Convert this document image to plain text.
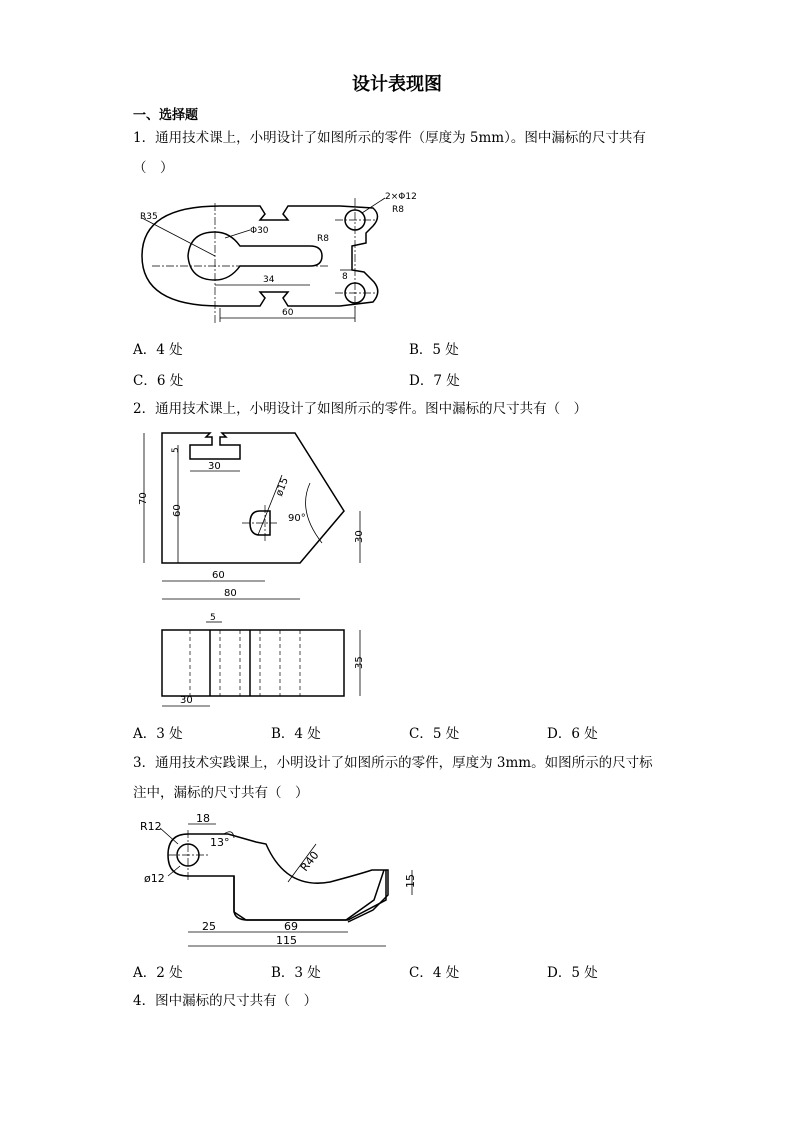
设计表现图
一、选择题
1．通用技术课上，小明设计了如图所示的零件（厚度为 5mm）。图中漏标的尺寸共有
（　）
R35
Φ30
2×Φ12
R8
R8
34
60
8
A．4 处	B．5 处
C．6 处	D．7 处
2．通用技术课上，小明设计了如图所示的零件。图中漏标的尺寸共有（　）
70
60
5
30
ø15
90°
30
60
80
5
35
30
A．3 处	B．4 处	C．5 处	D．6 处
3．通用技术实践课上，小明设计了如图所示的零件，厚度为 3mm。如图所示的尺寸标
注中，漏标的尺寸共有（　）
R12
18
13°
R40
ø12	15
25	69
115
A．2 处	B．3 处	C．4 处	D．5 处
4．图中漏标的尺寸共有（　）
